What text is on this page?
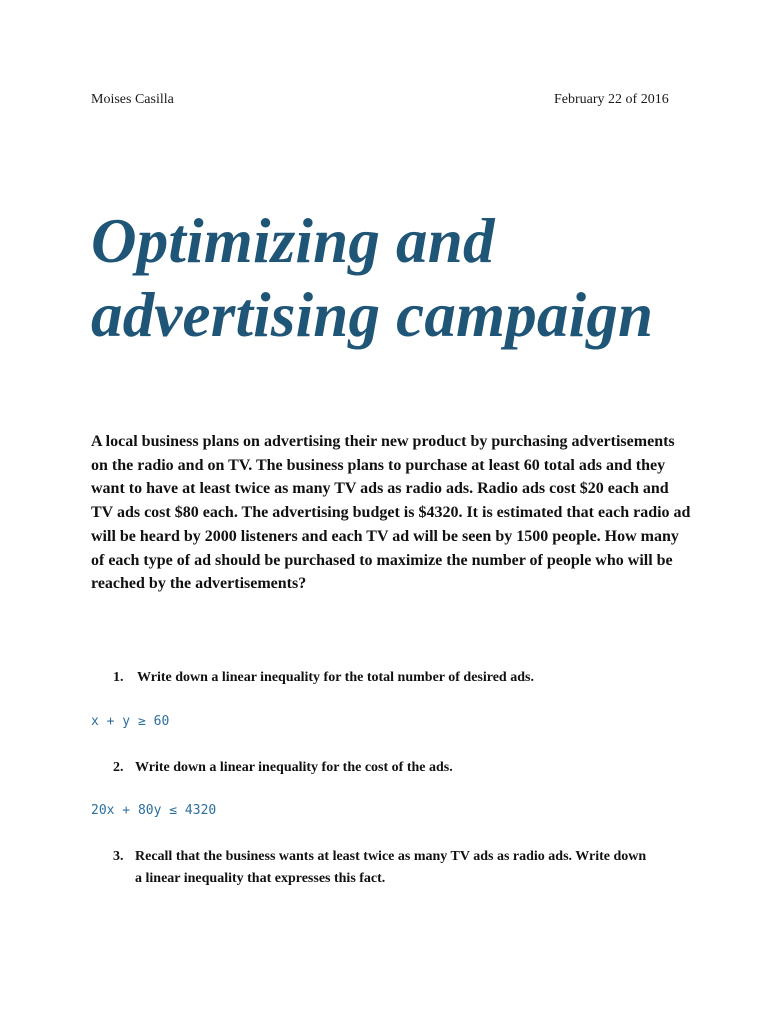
Moises Casilla	February 22 of 2016
Optimizing and advertising campaign

A local business plans on advertising their new product by purchasing advertisements on the radio and on TV. The business plans to purchase at least 60 total ads and they want to have at least twice as many TV ads as radio ads. Radio ads cost $20 each and TV ads cost $80 each. The advertising budget is $4320. It is estimated that each radio ad will be heard by 2000 listeners and each TV ad will be seen by 1500 people. How many of each type of ad should be purchased to maximize the number of people who will be reached by the advertisements?

1. Write down a linear inequality for the total number of desired ads.
x + y ≥ 60
2. Write down a linear inequality for the cost of the ads.
20x + 80y ≤ 4320
3. Recall that the business wants at least twice as many TV ads as radio ads. Write down a linear inequality that expresses this fact.
